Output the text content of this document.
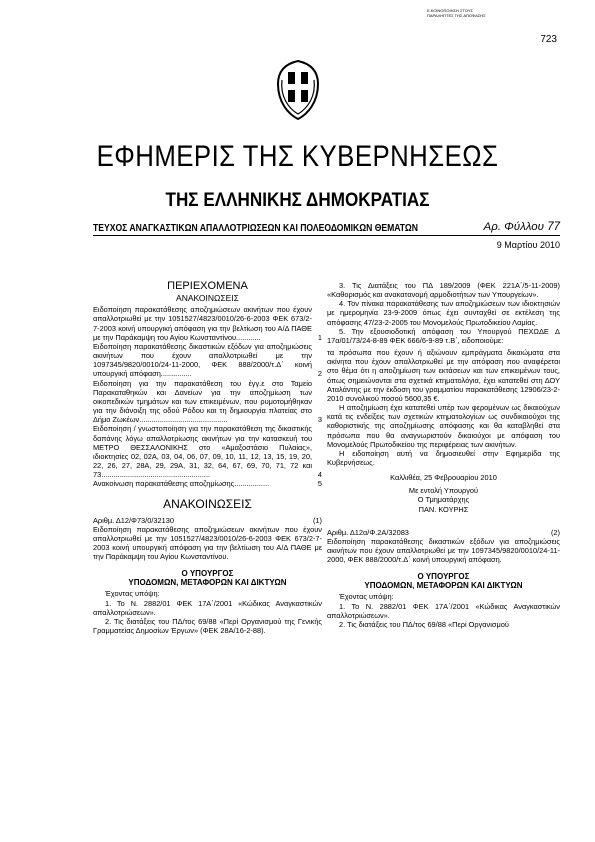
Ε.ΚΟΙΝΟΠΟΙΗΣΗ ΣΤΟΥΣ ΠΑΡΑΛΗΠΤΕΣ ΤΗΣ ΑΠΟΦΑΣΗΣ
723
ΕΦΗΜΕΡΙΣ ΤΗΣ ΚΥΒΕΡΝΗΣΕΩΣ
ΤΗΣ ΕΛΛΗΝΙΚΗΣ ΔΗΜΟΚΡΑΤΙΑΣ
ΤΕΥΧΟΣ ΑΝΑΓΚΑΣΤΙΚΩΝ ΑΠΑΛΛΟΤΡΙΩΣΕΩΝ ΚΑΙ ΠΟΛΕΟΔΟΜΙΚΩΝ ΘΕΜΑΤΩΝ	Αρ. Φύλλου 77
9 Μαρτίου 2010
ΠΕΡΙΕΧΟΜΕΝΑ
ΑΝΑΚΟΙΝΩΣΕΙΣ
Ειδοποίηση παρακατάθεσης αποζημιώσεων ακινήτων που έχουν απαλλοτριωθεί με την 1051527/4823/0010/26-6-2003 ΦΕΚ 673/2-7-2003 κοινή υπουργική απόφαση για την βελτίωση του Α/Δ ΠΑΘΕ με την Παράκαμψη του Αγίου Κωνσταντίνου............	1
Ειδοποίηση παρακατάθεσης δικαστικών εξόδων για αποζημιώσεις ακινήτων που έχουν απαλλοτριωθεί με την 1097345/9820/0010/24-11-2000, ΦΕΚ 888/2000/τ.Δ΄ κοινή υπουργική απόφαση...............	2
Ειδοποίηση για την παρακατάθεση του έγγ.ε στο Ταμείο Παρακαταθηκών και Δανείων για την αποζημίωση των οικοπεδικών τμημάτων και των επικειμένων, που ρυμοτομήθηκαν για την διάνοιξη της οδού Ρόδου και τη δημιουργία πλατείας στο Δήμο Ζωκέων...........................................	3
Ειδοποίηση / γνωστοποίηση για την παρακατάθεση της δικαστικής δαπάνης λόγω απαλλοτρίωσης ακινήτων για την κατασκευή του ΜΕΤΡΟ ΘΕΣΣΑΛΟΝΙΚΗΣ στο «Αμαξοστάσιο Πυλαίας», ιδιοκτησίες 02, 02Α, 03, 04, 06, 07, 09, 10, 11, 12, 13, 15, 19, 20, 22, 26, 27, 28Α, 29, 29Α, 31, 32, 64, 67, 69, 70, 71, 72 και 73.....................................................	4
Ανακοίνωση παρακατάθεσης αποζημίωσης.................	5
ΑΝΑΚΟΙΝΩΣΕΙΣ
Αριθμ. Δ12/Φ73/0/32130	(1)

Ειδοποίηση παρακατάθεσης αποζημιώσεων ακινήτων που έχουν απαλλοτριωθεί με την 1051527/4823/0010/26-6-2003 ΦΕΚ 673/2-7-2003 κοινή υπουργική απόφαση για την βελτίωση του Α/Δ ΠΑΘΕ με την Παράκαμψη του Αγίου Κωνσταντίνου.

Ο ΥΠΟΥΡΓΟΣ
ΥΠΟΔΟΜΩΝ, ΜΕΤΑΦΟΡΩΝ ΚΑΙ ΔΙΚΤΥΩΝ

Έχοντας υπόψη:

1. Το Ν. 2882/01 ΦΕΚ 17Α΄/2001 «Κώδικας Αναγκαστικών απαλλοτριώσεων».

2. Τις διατάξεις του ΠΔ/τος 69/88 «Περί Οργανισμού της Γενικής Γραμματείας Δημοσίων Έργων» (ΦΕΚ 28Α/16-2-88).

3. Τις Διατάξεις του ΠΔ 189/2009 (ΦΕΚ 221Α΄/5-11-2009) «Καθορισμός και ανακατανομή αρμοδιοτήτων των Υπουργείων».

4. Τον πίνακα παρακατάθεσης των αποζημιώσεων των ιδιοκτησιών με ημερομηνία 23-9-2009 όπως έχει συνταχθεί σε εκτέλεση της απόφασης 47/23-2-2005 του Μονομελούς Πρωτοδικείου Λαμίας.

5. Την εξουσιοδοτική απόφαση του Υπουργού ΠΕΧΩΔΕ Δ 17α/01/73/24-8-89 ΦΕΚ 666/6-9-89 τ.Β΄, ειδοποιούμε:

τα πρόσωπα που έχουν ή αξιώνουν εμπράγματα δικαιώματα στα ακίνητα που έχουν απαλλοτριωθεί με την απόφαση που αναφέρεται στο θέμα ότι η αποζημίωση των εκτάσεων και των επικειμένων τους, όπως σημειώνονται στα σχετικά κτηματολόγια, έχει κατατεθεί στη ΔΟΥ Αταλάντης με την έκδοση του γραμματίου παρακατάθεσης 12906/23-2-2010 συνολικού ποσού 5600,35 €.

Η αποζημίωση έχει κατατεθεί υπέρ των φερομένων ως δικαιούχων κατά τις ενδείξεις των σχετικών κτηματολογίων ως συνδικαιούχοι της καθοριστικής της αποζημίωσης απόφασης και θα καταβληθεί στα πρόσωπα που θα αναγνωριστούν δικαιούχοι με απόφαση του Μονομελούς Πρωτοδικείου της περιφέρειας των ακινήτων.

Η ειδοποίηση αυτή να δημοσιευθεί στην Εφημερίδα της Κυβερνήσεως.

Καλλιθέα, 25 Φεβρουαρίου 2010
Με εντολή Υπουργού
Ο Τμηματάρχης
ΠΑΝ. ΚΟΥΡΗΣ
Αριθμ. Δ12α/Φ.2Α/32083	(2)

Ειδοποίηση παρακατάθεσης δικαστικών εξόδων για αποζημιώσεις ακινήτων που έχουν απαλλοτριωθεί με την 1097345/9820/0010/24-11-2000, ΦΕΚ 888/2000/τ.Δ΄ κοινή υπουργική απόφαση.

Ο ΥΠΟΥΡΓΟΣ
ΥΠΟΔΟΜΩΝ, ΜΕΤΑΦΟΡΩΝ ΚΑΙ ΔΙΚΤΥΩΝ

Έχοντας υπόψη:

1. Το Ν. 2882/01 ΦΕΚ 17Α΄/2001 «Κώδικας Αναγκαστικών απαλλοτριώσεων».

2. Τις διατάξεις του ΠΔ/τος 69/88 «Περί Οργανισμού
